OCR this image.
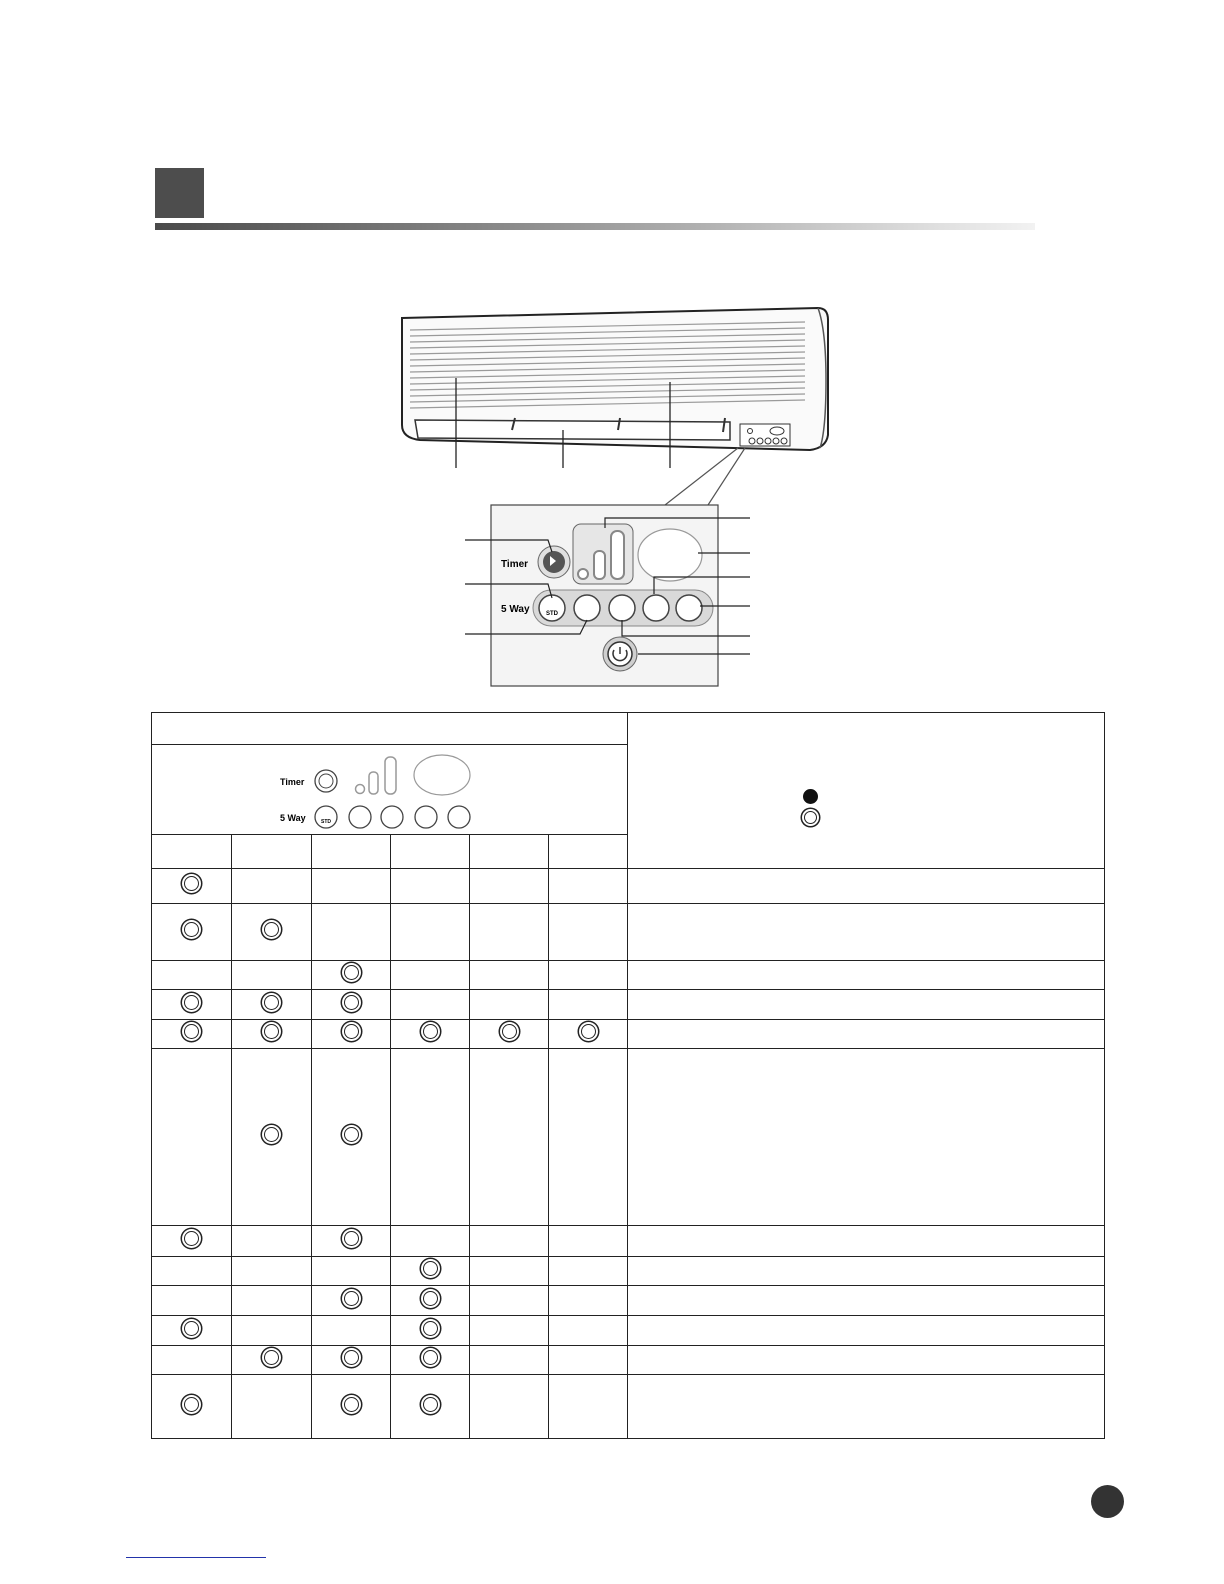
Timer
5 Way	STD

Timer
5 Way STD						
